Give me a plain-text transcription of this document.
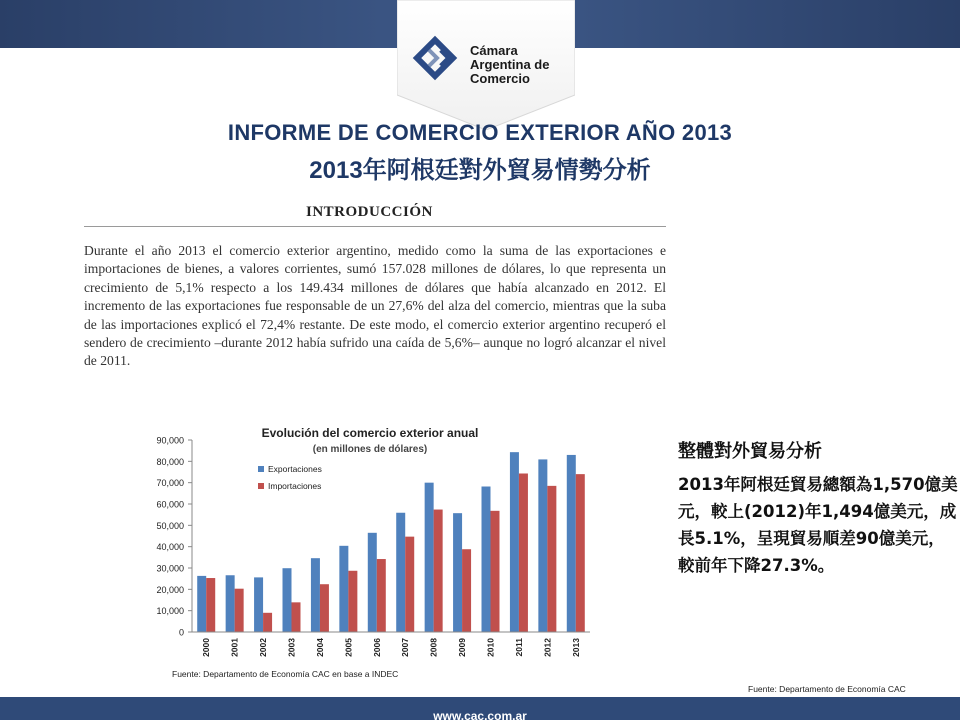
Cámara
Argentina de
Comercio
INFORME DE COMERCIO EXTERIOR AÑO 2013
2013年阿根廷對外貿易情勢分析
INTRODUCCIÓN
Durante el año 2013 el comercio exterior argentino, medido como la suma de las exportaciones e importaciones de bienes, a valores corrientes, sumó 157.028 millones de dólares, lo que representa un crecimiento de 5,1% respecto a los 149.434 millones de dólares que había alcanzado en 2012. El incremento de las exportaciones fue responsable de un 27,6% del alza del comercio, mientras que la suba de las importaciones explicó el 72,4% restante. De este modo, el comercio exterior argentino recuperó el sendero de crecimiento –durante 2012 había sufrido una caída de 5,6%– aunque no logró alcanzar el nivel de 2011.
Evolución del comercio exterior anual
(en millones de dólares)
0
10,000
20,000
30,000
40,000
50,000
60,000
70,000
80,000
90,000
2000 2001 2002 2003 2004 2005 2006 2007 2008 2009 2010 2011 2012 2013
Exportaciones
Importaciones
Fuente: Departamento de Economía CAC en base a INDEC
整體對外貿易分析
2013年阿根廷貿易總額為1,570億美元，較上(2012)年1,494億美元，成長5.1%，呈現貿易順差90億美元，較前年下降27.3%。
Fuente: Departamento de Economía CAC
www.cac.com.ar
